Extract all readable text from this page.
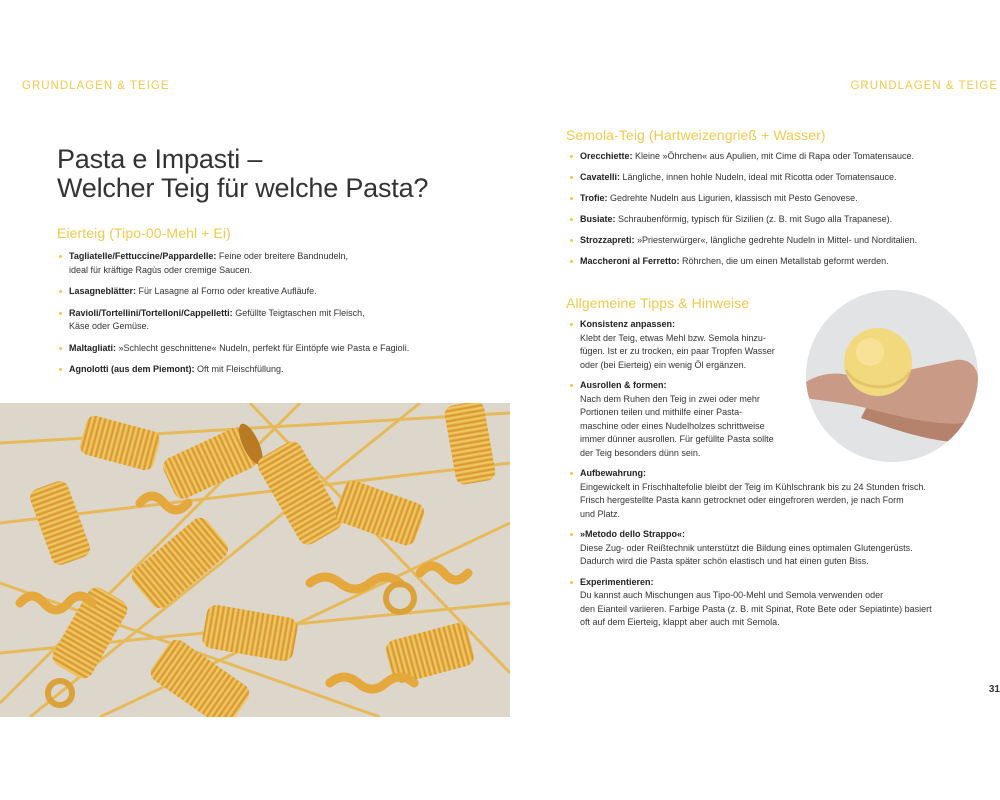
GRUNDLAGEN & TEIGE	GRUNDLAGEN & TEIGE
Pasta e Impasti –
Welcher Teig für welche Pasta?
Eierteig (Tipo-00-Mehl + Ei)
Tagliatelle/Fettuccine/Pappardelle: Feine oder breitere Bandnudeln,
ideal für kräftige Ragùs oder cremige Saucen.
Lasagneblätter: Für Lasagne al Forno oder kreative Aufläufe.
Ravioli/Tortellini/Tortelloni/Cappelletti: Gefüllte Teigtaschen mit Fleisch,
Käse oder Gemüse.
Maltagliati: »Schlecht geschnittene« Nudeln, perfekt für Eintöpfe wie Pasta e Fagioli.
Agnolotti (aus dem Piemont): Oft mit Fleischfüllung.
Semola-Teig (Hartweizengrieß + Wasser)
Orecchiette: Kleine »Öhrchen« aus Apulien, mit Cime di Rapa oder Tomatensauce.
Cavatelli: Längliche, innen hohle Nudeln, ideal mit Ricotta oder Tomatensauce.
Trofie: Gedrehte Nudeln aus Ligurien, klassisch mit Pesto Genovese.
Busiate: Schraubenförmig, typisch für Sizilien (z. B. mit Sugo alla Trapanese).
Strozzapreti: »Priesterwürger«, längliche gedrehte Nudeln in Mittel- und Norditalien.
Maccheroni al Ferretto: Röhrchen, die um einen Metallstab geformt werden.
Allgemeine Tipps & Hinweise
Konsistenz anpassen:
Klebt der Teig, etwas Mehl bzw. Semola hinzu-
fügen. Ist er zu trocken, ein paar Tropfen Wasser
oder (bei Eierteig) ein wenig Öl ergänzen.
Ausrollen & formen:
Nach dem Ruhen den Teig in zwei oder mehr
Portionen teilen und mithilfe einer Pasta-
maschine oder eines Nudelholzes schrittweise
immer dünner ausrollen. Für gefüllte Pasta sollte
der Teig besonders dünn sein.
Aufbewahrung:
Eingewickelt in Frischhaltefolie bleibt der Teig im Kühlschrank bis zu 24 Stunden frisch.
Frisch hergestellte Pasta kann getrocknet oder eingefroren werden, je nach Form
und Platz.
»Metodo dello Strappo«:
Diese Zug- oder Reißtechnik unterstützt die Bildung eines optimalen Glutengerüsts.
Dadurch wird die Pasta später schön elastisch und hat einen guten Biss.
Experimentieren:
Du kannst auch Mischungen aus Tipo-00-Mehl und Semola verwenden oder
den Eianteil variieren. Farbige Pasta (z. B. mit Spinat, Rote Bete oder Sepiatinte) basiert
oft auf dem Eierteig, klappt aber auch mit Semola.
31
